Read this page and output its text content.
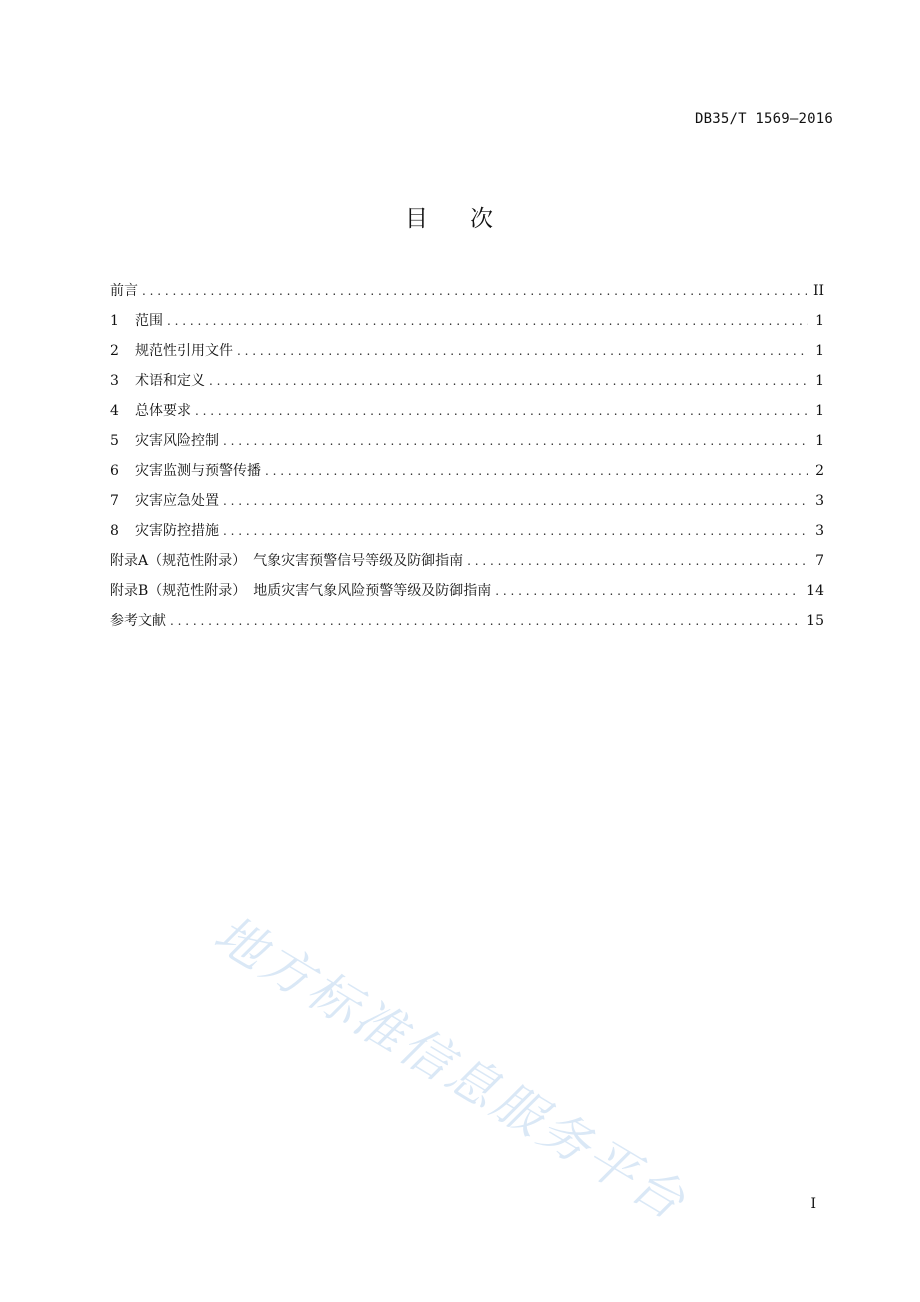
DB35/T 1569—2016
目次
前言 .....	II
1	范围 .....	1
2	规范性引用文件 .....	1
3	术语和定义 .....	1
4	总体要求 .....	1
5	灾害风险控制 .....	1
6	灾害监测与预警传播 .....	2
7	灾害应急处置 .....	3
8	灾害防控措施 .....	3
附录A（规范性附录）　气象灾害预警信号等级及防御指南 .....	7
附录B（规范性附录）　地质灾害气象风险预警等级及防御指南 .....	14
参考文献 .....	15
地方标准信息服务平台	I
